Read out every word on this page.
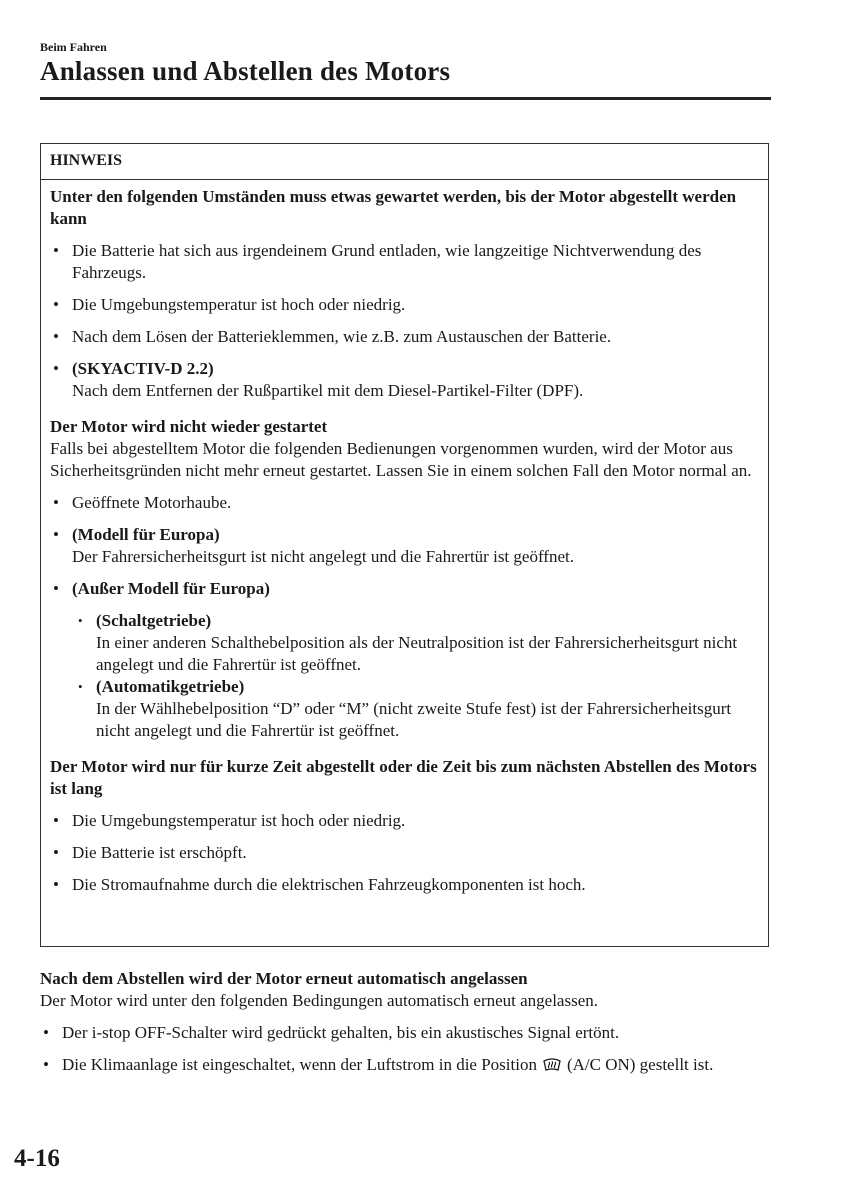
Beim Fahren
Anlassen und Abstellen des Motors
HINWEIS

Unter den folgenden Umständen muss etwas gewartet werden, bis der Motor abgestellt werden kann

• Die Batterie hat sich aus irgendeinem Grund entladen, wie langzeitige Nichtverwendung des Fahrzeugs.
• Die Umgebungstemperatur ist hoch oder niedrig.
• Nach dem Lösen der Batterieklemmen, wie z.B. zum Austauschen der Batterie.
• (SKYACTIV-D 2.2)
Nach dem Entfernen der Rußpartikel mit dem Diesel-Partikel-Filter (DPF).

Der Motor wird nicht wieder gestartet

Falls bei abgestelltem Motor die folgenden Bedienungen vorgenommen wurden, wird der Motor aus Sicherheitsgründen nicht mehr erneut gestartet. Lassen Sie in einem solchen Fall den Motor normal an.

• Geöffnete Motorhaube.
• (Modell für Europa)
Der Fahrersicherheitsgurt ist nicht angelegt und die Fahrertür ist geöffnet.
• (Außer Modell für Europa)
• (Schaltgetriebe)
In einer anderen Schalthebelposition als der Neutralposition ist der Fahrersicherheitsgurt nicht angelegt und die Fahrertür ist geöffnet.
• (Automatikgetriebe)
In der Wählhebelposition “D” oder “M” (nicht zweite Stufe fest) ist der Fahrersicherheitsgurt nicht angelegt und die Fahrertür ist geöffnet.

Der Motor wird nur für kurze Zeit abgestellt oder die Zeit bis zum nächsten Abstellen des Motors ist lang

• Die Umgebungstemperatur ist hoch oder niedrig.
• Die Batterie ist erschöpft.
• Die Stromaufnahme durch die elektrischen Fahrzeugkomponenten ist hoch.

Nach dem Abstellen wird der Motor erneut automatisch angelassen

Der Motor wird unter den folgenden Bedingungen automatisch erneut angelassen.

• Der i-stop OFF-Schalter wird gedrückt gehalten, bis ein akustisches Signal ertönt.
• Die Klimaanlage ist eingeschaltet, wenn der Luftstrom in die Position (A/C ON) gestellt ist.
4-16
